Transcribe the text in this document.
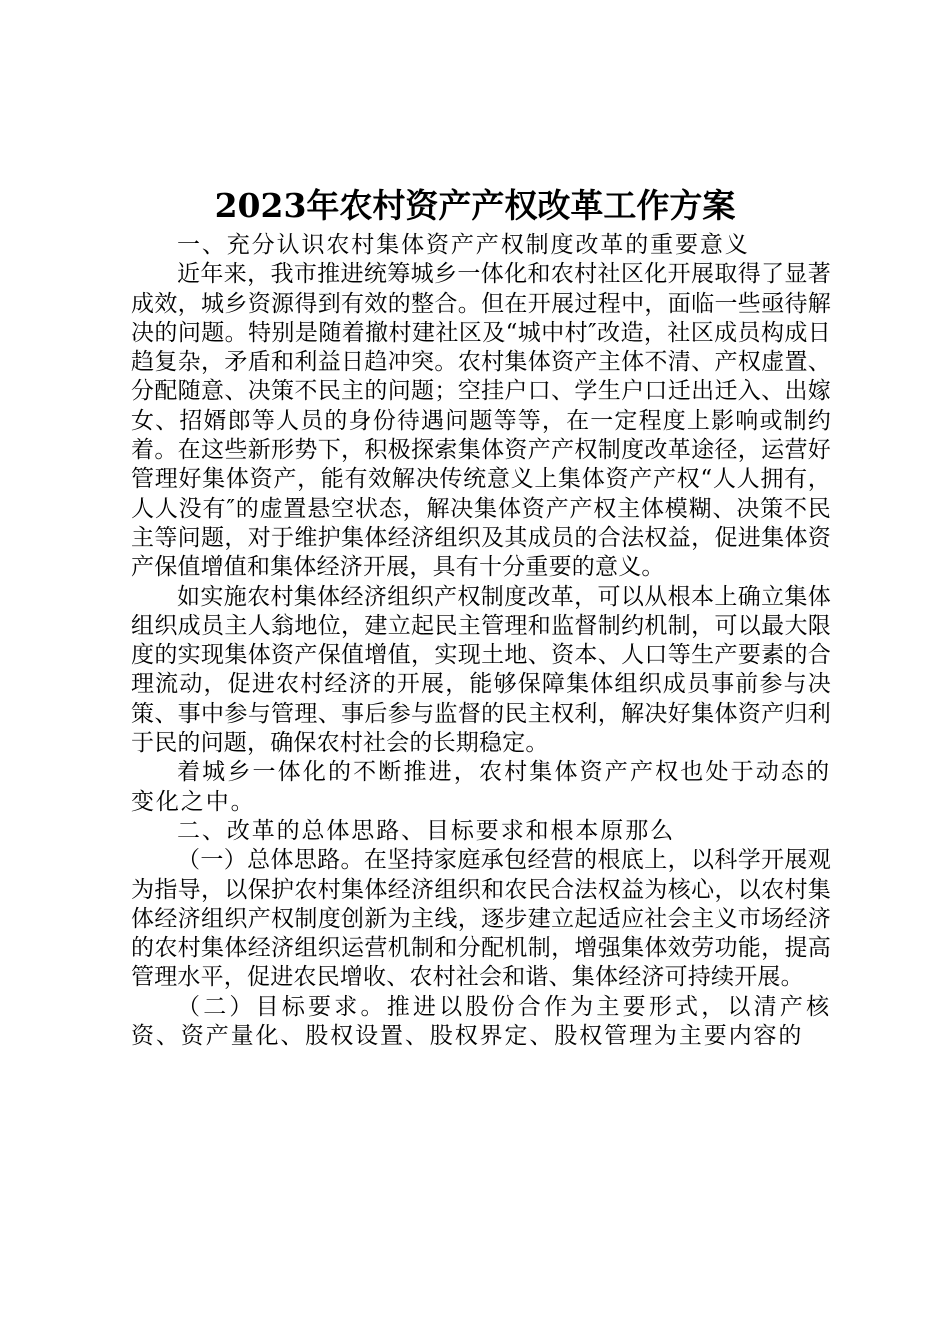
2023年农村资产产权改革工作方案

一、充分认识农村集体资产产权制度改革的重要意义

近年来，我市推进统筹城乡一体化和农村社区化开展取得了显著成效，城乡资源得到有效的整合。但在开展过程中，面临一些亟待解决的问题。特别是随着撤村建社区及“城中村″改造，社区成员构成日趋复杂，矛盾和利益日趋冲突。农村集体资产主体不清、产权虚置、分配随意、决策不民主的问题；空挂户口、学生户口迁出迁入、出嫁女、招婿郎等人员的身份待遇问题等等，在一定程度上影响或制约着。在这些新形势下，积极探索集体资产产权制度改革途径，运营好管理好集体资产，能有效解决传统意义上集体资产产权“人人拥有，人人没有″的虚置悬空状态，解决集体资产产权主体模糊、决策不民主等问题，对于维护集体经济组织及其成员的合法权益，促进集体资产保值增值和集体经济开展，具有十分重要的意义。

如实施农村集体经济组织产权制度改革，可以从根本上确立集体组织成员主人翁地位，建立起民主管理和监督制约机制，可以最大限度的实现集体资产保值增值，实现土地、资本、人口等生产要素的合理流动，促进农村经济的开展，能够保障集体组织成员事前参与决策、事中参与管理、事后参与监督的民主权利，解决好集体资产归利于民的问题，确保农村社会的长期稳定。

着城乡一体化的不断推进，农村集体资产产权也处于动态的变化之中。

二、改革的总体思路、目标要求和根本原那么

（一）总体思路。在坚持家庭承包经营的根底上，以科学开展观为指导，以保护农村集体经济组织和农民合法权益为核心，以农村集体经济组织产权制度创新为主线，逐步建立起适应社会主义市场经济的农村集体经济组织运营机制和分配机制，增强集体效劳功能，提高管理水平，促进农民增收、农村社会和谐、集体经济可持续开展。

（二）目标要求。推进以股份合作为主要形式，以清产核资、资产量化、股权设置、股权界定、股权管理为主要内容的
